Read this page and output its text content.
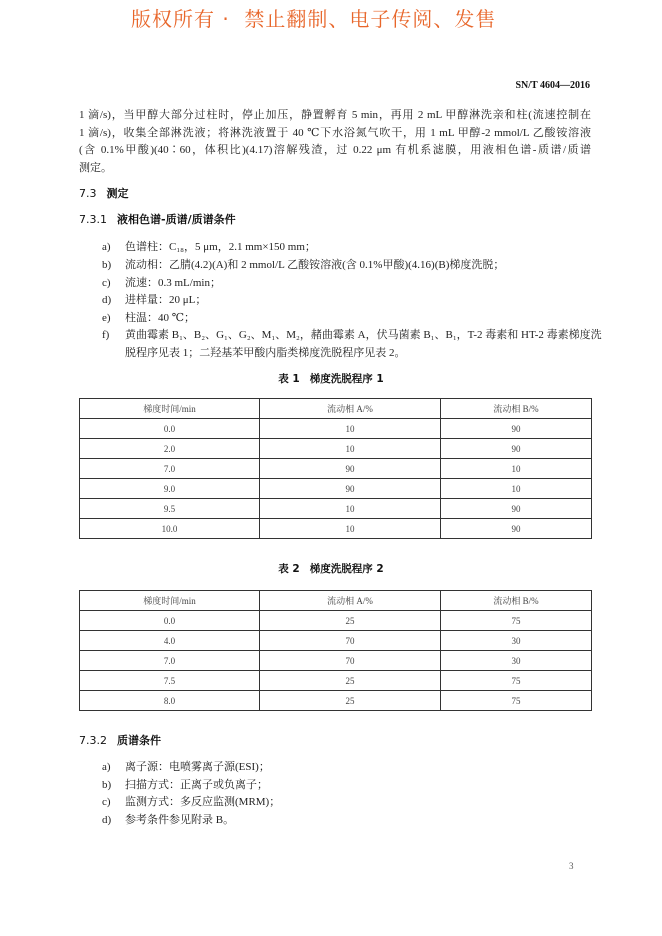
版权所有 ·  禁止翻制、电子传阅、发售
SN/T 4604—2016
1 滴/s)，当甲醇大部分过柱时，停止加压，静置孵育 5 min，再用 2 mL 甲醇淋洗亲和柱(流速控制在
1 滴/s)，收集全部淋洗液；将淋洗液置于 40 ℃下水浴氮气吹干，用 1 mL 甲醇-2 mmol/L 乙酸铵溶液
(含 0.1%甲酸)(40∶60，体积比)(4.17)溶解残渣，过 0.22 μm 有机系滤膜，用液相色谱-质谱/质谱
测定。
7.3 测定
7.3.1 液相色谱-质谱/质谱条件
a) 色谱柱：C₁₈，5 μm，2.1 mm×150 mm；
b) 流动相：乙腈(4.2)(A)和 2 mmol/L 乙酸铵溶液(含 0.1%甲酸)(4.16)(B)梯度洗脱；
c) 流速：0.3 mL/min；
d) 进样量：20 μL；
e) 柱温：40 ℃；
f) 黄曲霉素 B₁、B₂、G₁、G₂、M₁、M₂，赭曲霉素 A，伏马菌素 B₁、B₁，T-2 毒素和 HT-2 毒素梯度洗
脱程序见表 1；二羟基苯甲酸内脂类梯度洗脱程序见表 2。
表 1 梯度洗脱程序 1
梯度时间/min	流动相 A/%	流动相 B/%
0.0	10	90
2.0	10	90
7.0	90	10
9.0	90	10
9.5	10	90
10.0	10	90
表 2 梯度洗脱程序 2
梯度时间/min	流动相 A/%	流动相 B/%
0.0	25	75
4.0	70	30
7.0	70	30
7.5	25	75
8.0	25	75
7.3.2 质谱条件
a) 离子源：电喷雾离子源(ESI)；
b) 扫描方式：正离子或负离子；
c) 监测方式：多反应监测(MRM)；
d) 参考条件参见附录 B。
3
